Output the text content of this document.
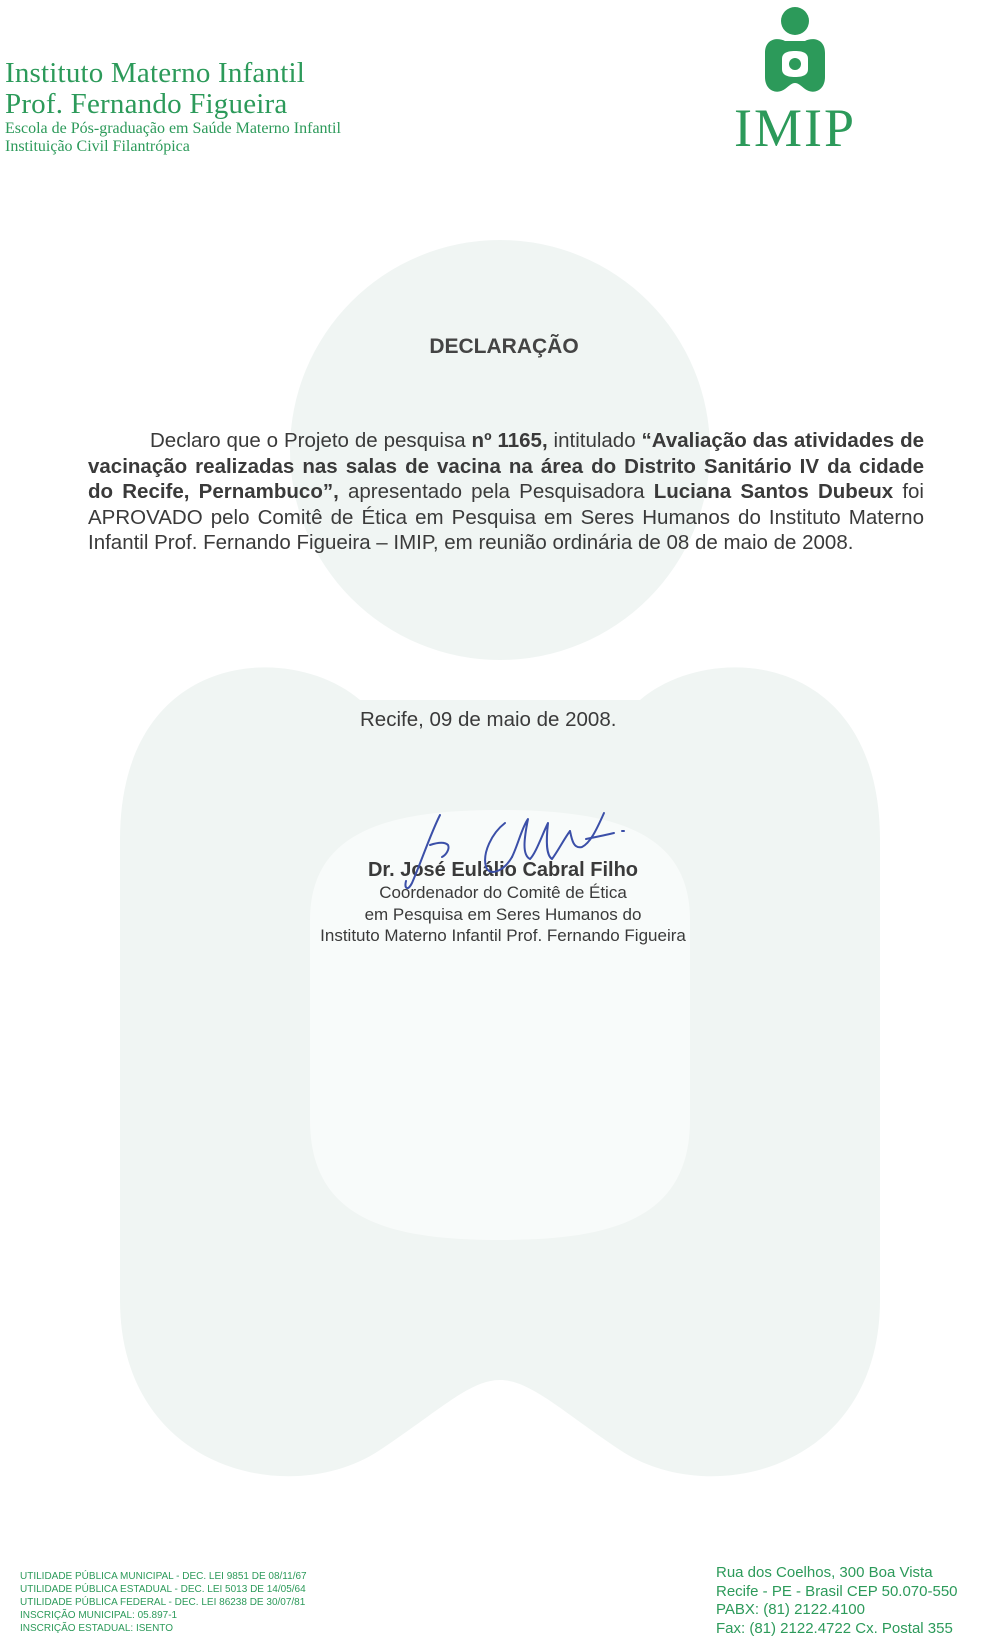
Instituto Materno Infantil
Prof. Fernando Figueira
Escola de Pós-graduação em Saúde Materno Infantil
Instituição Civil Filantrópica	IMIP
DECLARAÇÃO
Declaro que o Projeto de pesquisa nº 1165, intitulado “Avaliação das atividades de vacinação realizadas nas salas de vacina na área do Distrito Sanitário IV da cidade do Recife, Pernambuco”, apresentado pela Pesquisadora Luciana Santos Dubeux foi APROVADO pelo Comitê de Ética em Pesquisa em Seres Humanos do Instituto Materno Infantil Prof. Fernando Figueira – IMIP, em reunião ordinária de 08 de maio de 2008.
Recife, 09 de maio de 2008.
Dr. José Eulálio Cabral Filho
Coordenador do Comitê de Ética
em Pesquisa em Seres Humanos do
Instituto Materno Infantil Prof. Fernando Figueira
UTILIDADE PÚBLICA MUNICIPAL - DEC. LEI 9851 DE 08/11/67
UTILIDADE PÚBLICA ESTADUAL - DEC. LEI 5013 DE 14/05/64
UTILIDADE PÚBLICA FEDERAL - DEC. LEI 86238 DE 30/07/81
INSCRIÇÃO MUNICIPAL: 05.897-1
INSCRIÇÃO ESTADUAL: ISENTO
Rua dos Coelhos, 300 Boa Vista
Recife - PE - Brasil CEP 50.070-550
PABX: (81) 2122.4100
Fax: (81) 2122.4722 Cx. Postal 355
